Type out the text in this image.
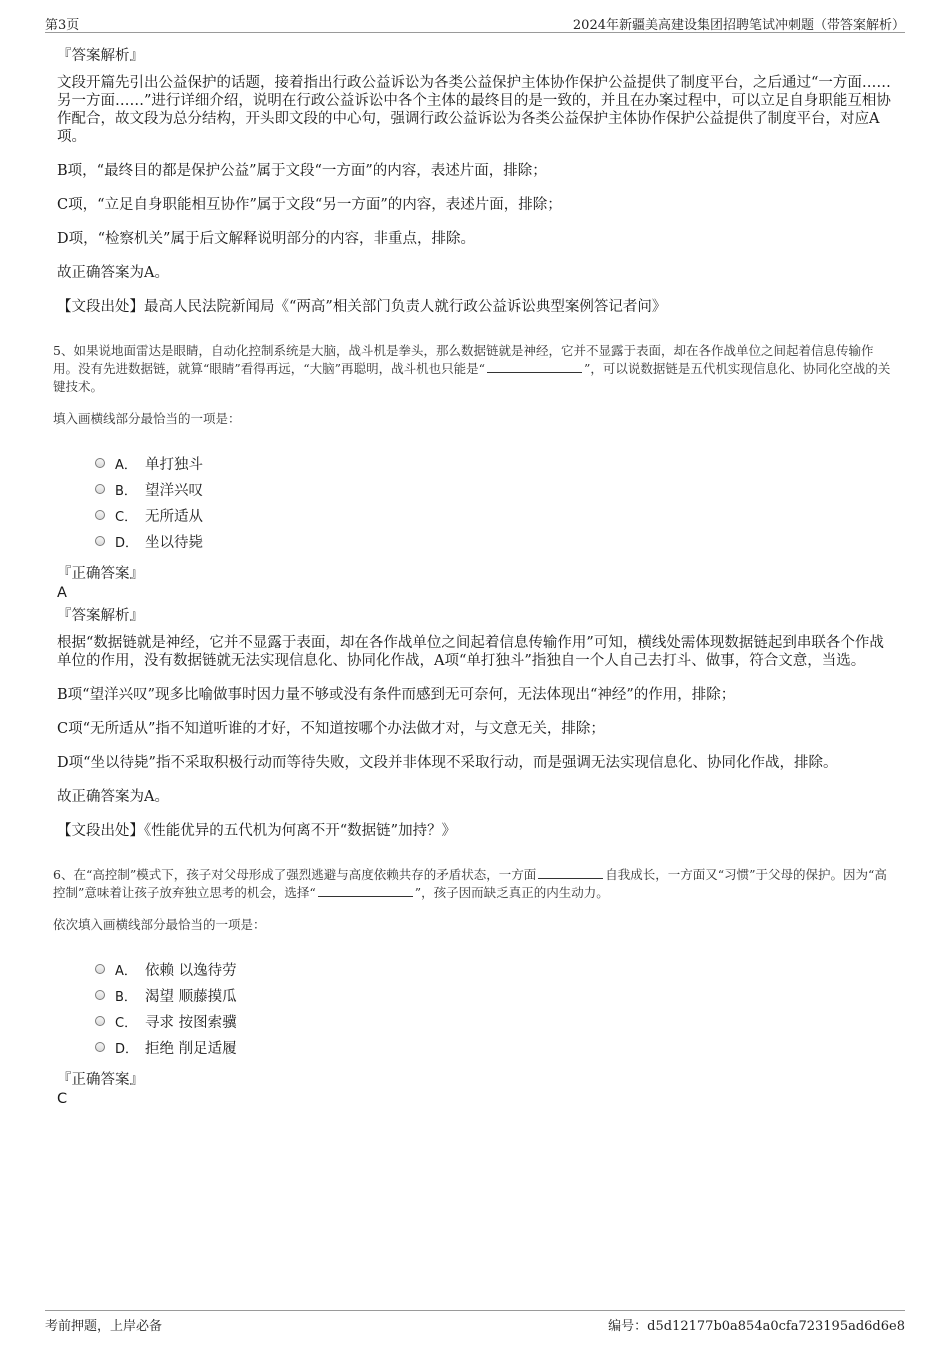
第3页	2024年新疆美高建设集团招聘笔试冲刺题（带答案解析）
『答案解析』

文段开篇先引出公益保护的话题，接着指出行政公益诉讼为各类公益保护主体协作保护公益提供了制度平台，之后通过“一方面……另一方面……”进行详细介绍，说明在行政公益诉讼中各个主体的最终目的是一致的，并且在办案过程中，可以立足自身职能互相协作配合，故文段为总分结构，开头即文段的中心句，强调行政公益诉讼为各类公益保护主体协作保护公益提供了制度平台，对应A项。

B项，“最终目的都是保护公益”属于文段“一方面”的内容，表述片面，排除；

C项，“立足自身职能相互协作”属于文段“另一方面”的内容，表述片面，排除；

D项，“检察机关”属于后文解释说明部分的内容，非重点，排除。

故正确答案为A。

【文段出处】最高人民法院新闻局《“两高”相关部门负责人就行政公益诉讼典型案例答记者问》

5、如果说地面雷达是眼睛，自动化控制系统是大脑，战斗机是拳头，那么数据链就是神经，它并不显露于表面，却在各作战单位之间起着信息传输作用。没有先进数据链，就算“眼睛”看得再远，“大脑”再聪明，战斗机也只能是“	”，可以说数据链是五代机实现信息化、协同化空战的关键技术。
填入画横线部分最恰当的一项是：
A． 单打独斗
B． 望洋兴叹
C． 无所适从
D． 坐以待毙
『正确答案』
A
『答案解析』

根据“数据链就是神经，它并不显露于表面，却在各作战单位之间起着信息传输作用”可知，横线处需体现数据链起到串联各个作战单位的作用，没有数据链就无法实现信息化、协同化作战，A项“单打独斗”指独自一个人自己去打斗、做事，符合文意，当选。

B项“望洋兴叹”现多比喻做事时因力量不够或没有条件而感到无可奈何，无法体现出“神经”的作用，排除；

C项“无所适从”指不知道听谁的才好，不知道按哪个办法做才对，与文意无关，排除；

D项“坐以待毙”指不采取积极行动而等待失败，文段并非体现不采取行动，而是强调无法实现信息化、协同化作战，排除。

故正确答案为A。

【文段出处】《性能优异的五代机为何离不开“数据链”加持？》

6、在“高控制”模式下，孩子对父母形成了强烈逃避与高度依赖共存的矛盾状态，一方面	自我成长，一方面又“习惯”于父母的保护。因为“高控制”意味着让孩子放弃独立思考的机会，选择“	”，孩子因而缺乏真正的内生动力。
依次填入画横线部分最恰当的一项是：
A． 依赖 以逸待劳
B． 渴望 顺藤摸瓜
C． 寻求 按图索骥
D． 拒绝 削足适履
『正确答案』
C
考前押题，上岸必备	编号：d5d12177b0a854a0cfa723195ad6d6e8
